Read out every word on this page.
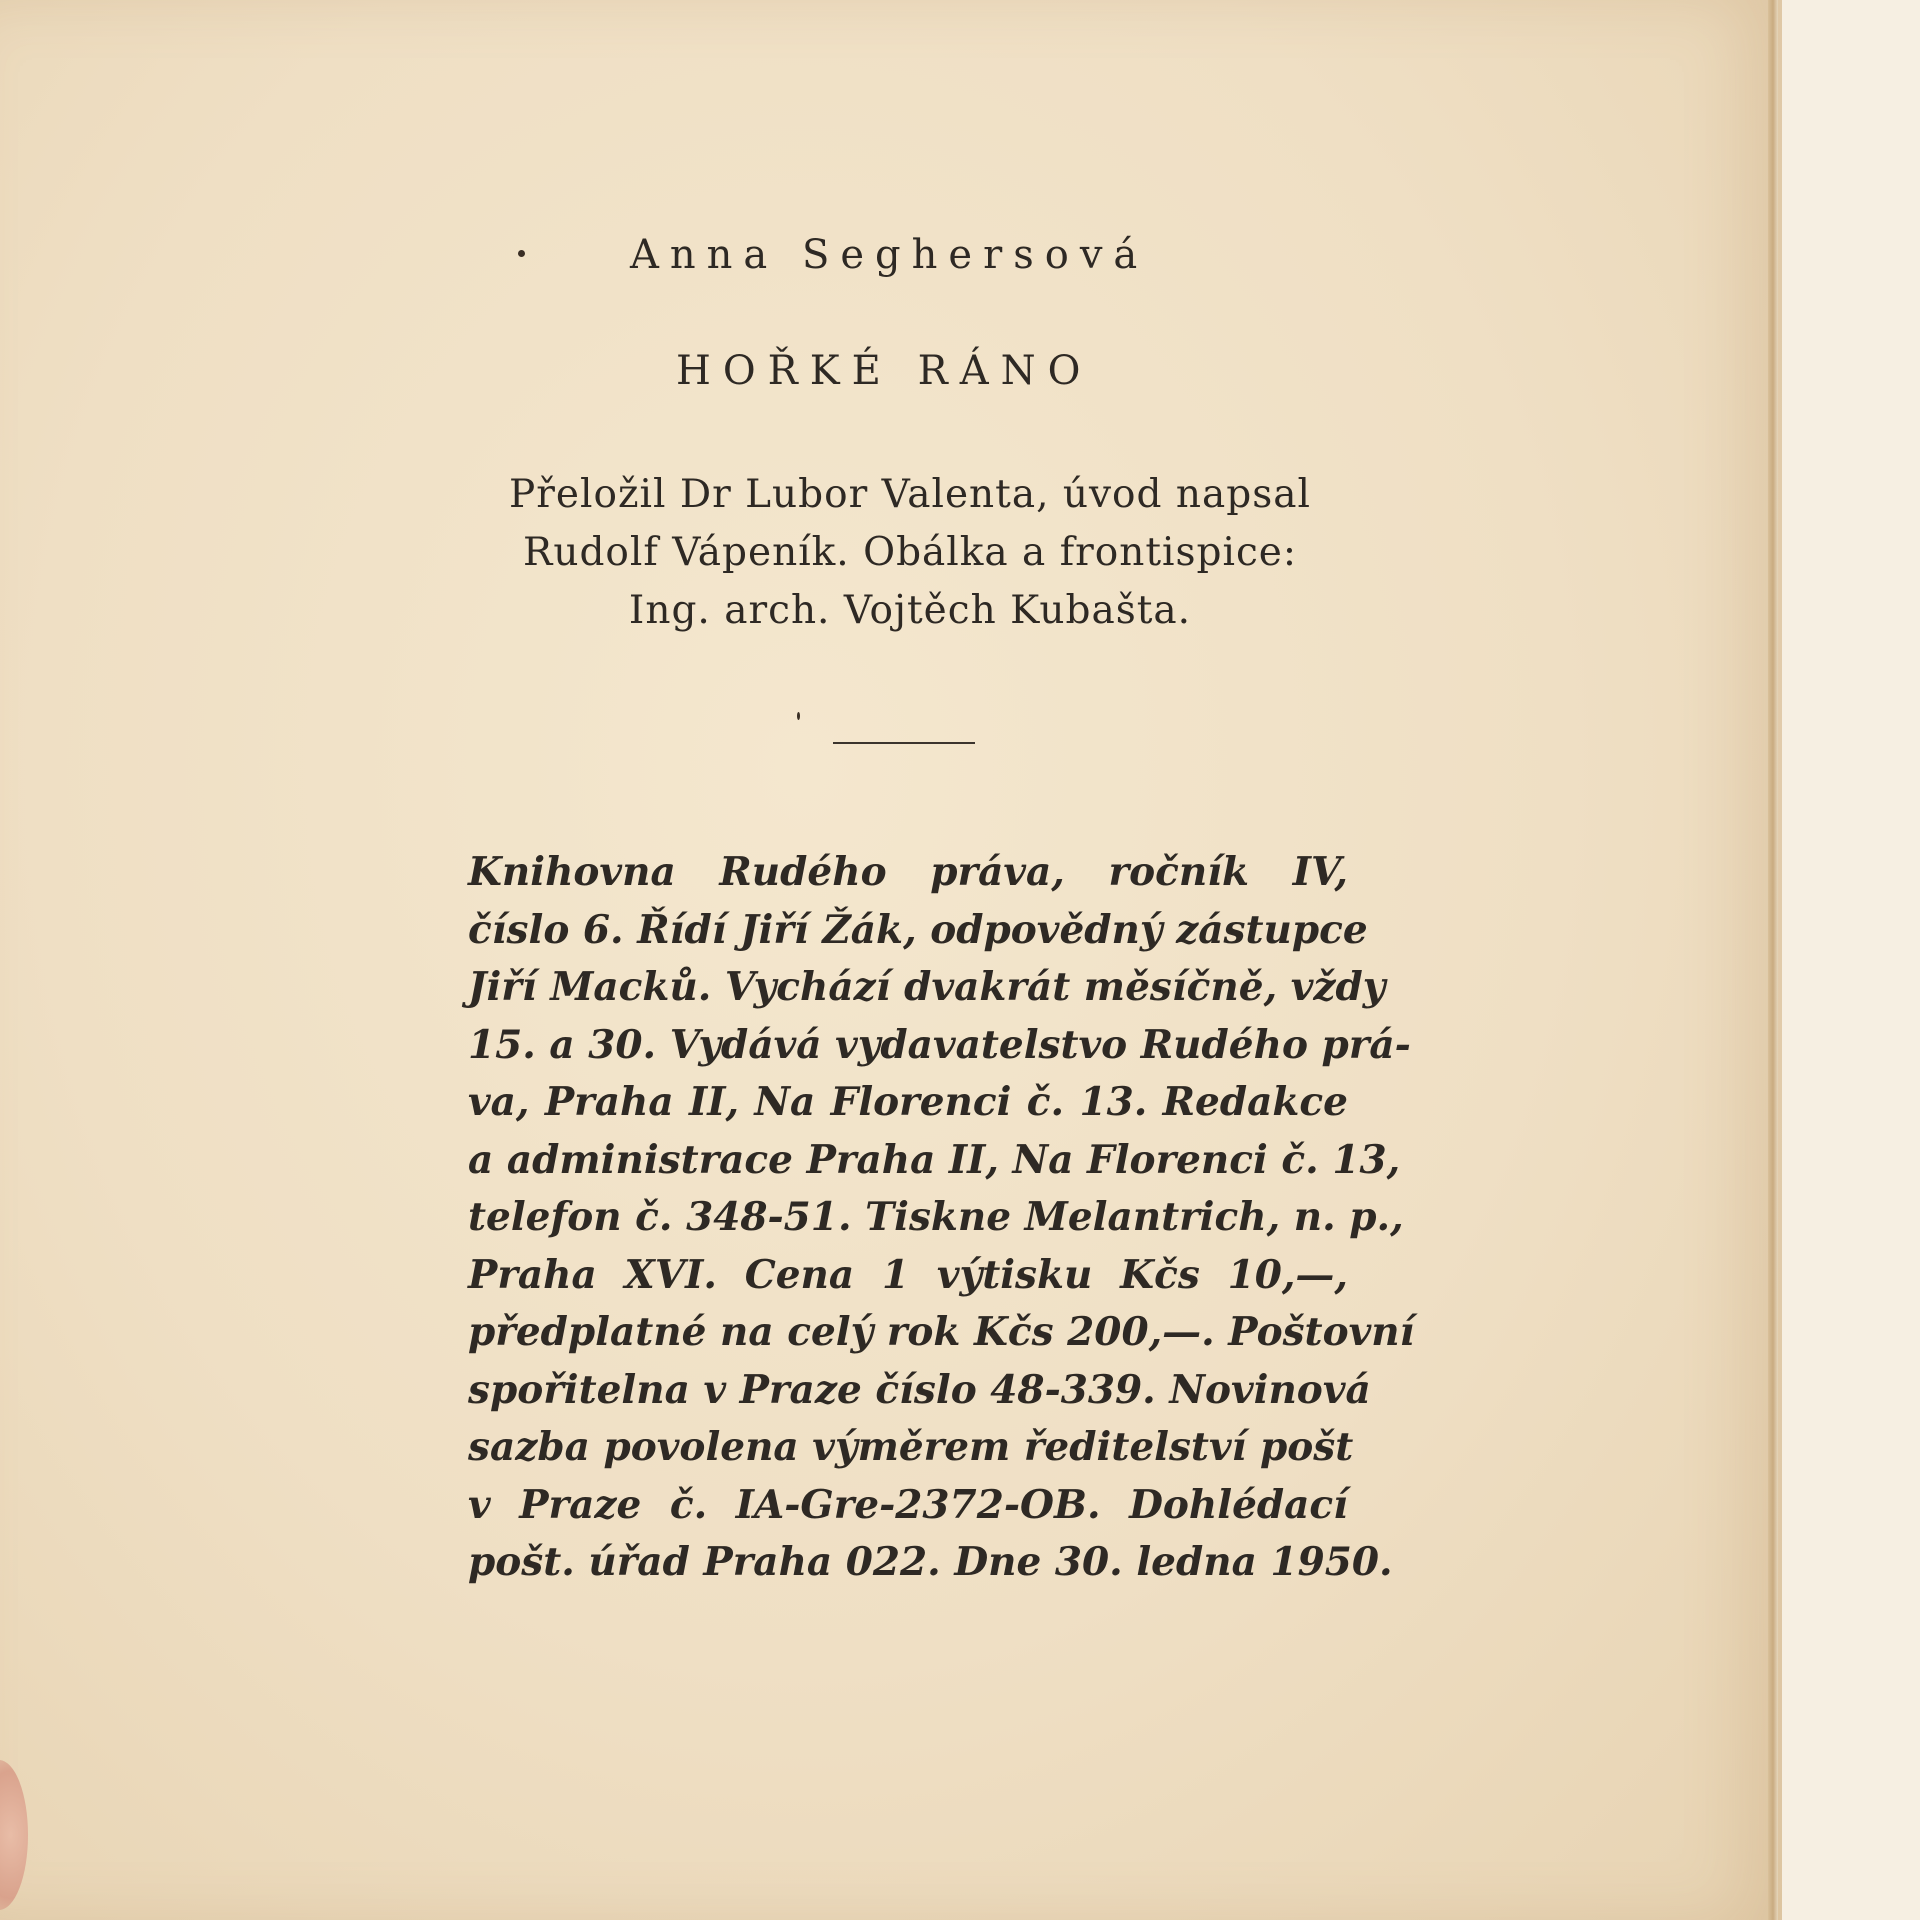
Anna Seghersová
HOŘKÉ RÁNO
Přeložil Dr Lubor Valenta, úvod napsal
Rudolf Vápeník. Obálka a frontispice:
Ing. arch. Vojtěch Kubašta.
Knihovna Rudého práva, ročník IV,
číslo 6. Řídí Jiří Žák, odpovědný zástupce
Jiří Macků. Vychází dvakrát měsíčně, vždy
15. a 30. Vydává vydavatelstvo Rudého prá-
va, Praha II, Na Florenci č. 13. Redakce
a administrace Praha II, Na Florenci č. 13,
telefon č. 348-51. Tiskne Melantrich, n. p.,
Praha XVI. Cena 1 výtisku Kčs 10,—,
předplatné na celý rok Kčs 200,—. Poštovní
spořitelna v Praze číslo 48-339. Novinová
sazba povolena výměrem ředitelství pošt
v Praze č. IA-Gre-2372-OB. Dohlédací
pošt. úřad Praha 022. Dne 30. ledna 1950.
